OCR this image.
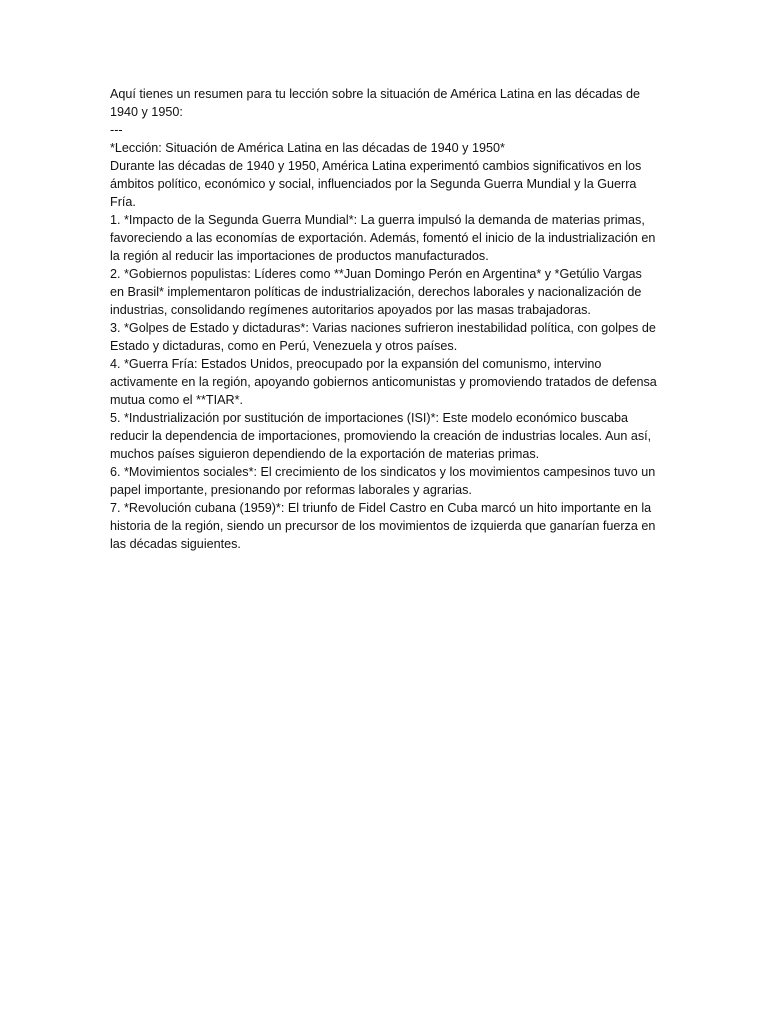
Aquí tienes un resumen para tu lección sobre la situación de América Latina en las décadas de 1940 y 1950:

---

*Lección: Situación de América Latina en las décadas de 1940 y 1950*

Durante las décadas de 1940 y 1950, América Latina experimentó cambios significativos en los ámbitos político, económico y social, influenciados por la Segunda Guerra Mundial y la Guerra Fría.

1. *Impacto de la Segunda Guerra Mundial*: La guerra impulsó la demanda de materias primas, favoreciendo a las economías de exportación. Además, fomentó el inicio de la industrialización en la región al reducir las importaciones de productos manufacturados.

2. *Gobiernos populistas: Líderes como **Juan Domingo Perón en Argentina* y *Getúlio Vargas en Brasil* implementaron políticas de industrialización, derechos laborales y nacionalización de industrias, consolidando regímenes autoritarios apoyados por las masas trabajadoras.

3. *Golpes de Estado y dictaduras*: Varias naciones sufrieron inestabilidad política, con golpes de Estado y dictaduras, como en Perú, Venezuela y otros países.

4. *Guerra Fría: Estados Unidos, preocupado por la expansión del comunismo, intervino activamente en la región, apoyando gobiernos anticomunistas y promoviendo tratados de defensa mutua como el **TIAR*.

5. *Industrialización por sustitución de importaciones (ISI)*: Este modelo económico buscaba reducir la dependencia de importaciones, promoviendo la creación de industrias locales. Aun así, muchos países siguieron dependiendo de la exportación de materias primas.

6. *Movimientos sociales*: El crecimiento de los sindicatos y los movimientos campesinos tuvo un papel importante, presionando por reformas laborales y agrarias.

7. *Revolución cubana (1959)*: El triunfo de Fidel Castro en Cuba marcó un hito importante en la historia de la región, siendo un precursor de los movimientos de izquierda que ganarían fuerza en las décadas siguientes.
